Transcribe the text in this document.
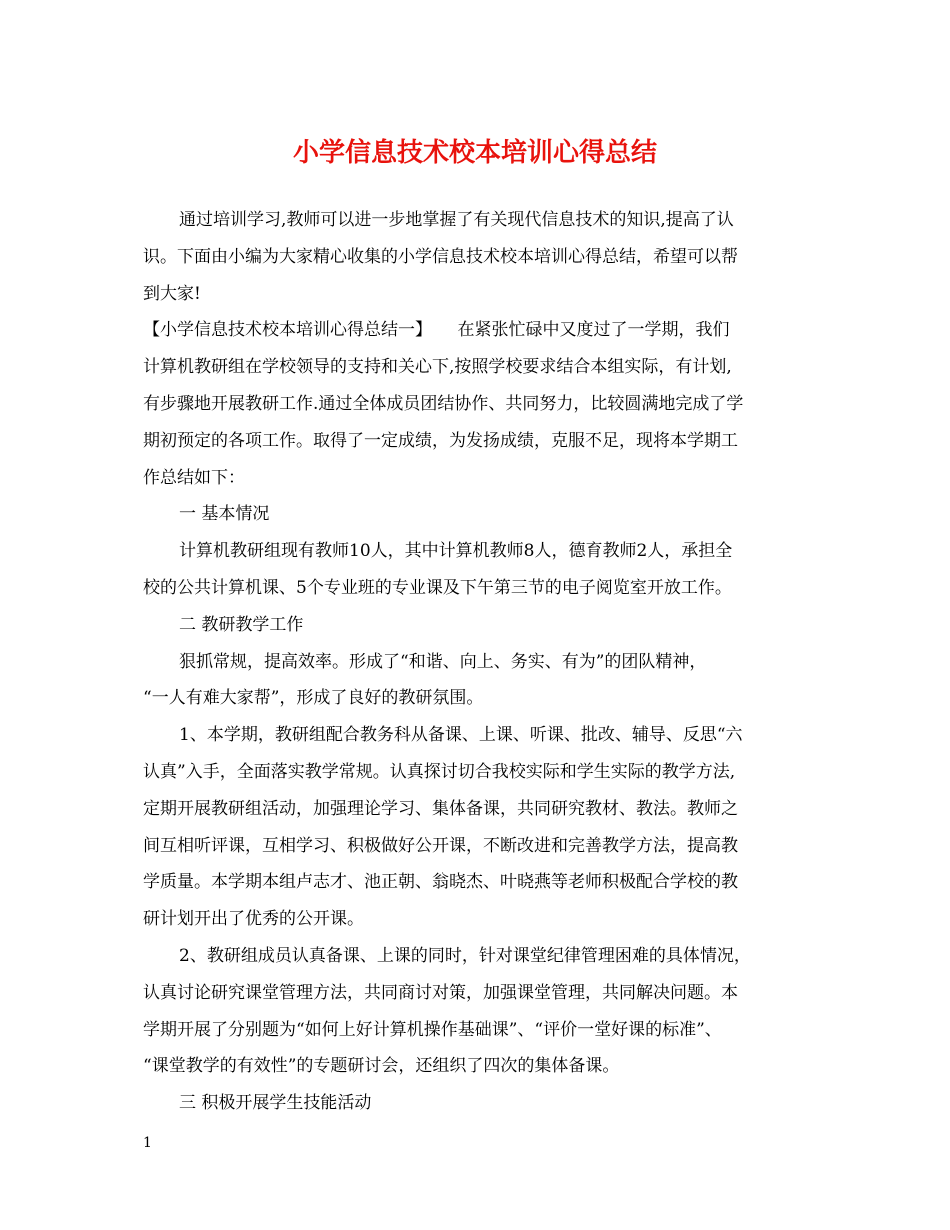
小学信息技术校本培训心得总结

通过培训学习,教师可以进一步地掌握了有关现代信息技术的知识,提高了认

识。下面由小编为大家精心收集的小学信息技术校本培训心得总结，希望可以帮

到大家!

【小学信息技术校本培训心得总结一】　　在紧张忙碌中又度过了一学期，我们

计算机教研组在学校领导的支持和关心下,按照学校要求结合本组实际，有计划,

有步骤地开展教研工作.通过全体成员团结协作、共同努力，比较圆满地完成了学

期初预定的各项工作。取得了一定成绩，为发扬成绩，克服不足，现将本学期工

作总结如下：

一 基本情况

计算机教研组现有教师10人，其中计算机教师8人，德育教师2人，承担全

校的公共计算机课、5个专业班的专业课及下午第三节的电子阅览室开放工作。

二 教研教学工作

狠抓常规，提高效率。形成了“和谐、向上、务实、有为”的团队精神，

“一人有难大家帮”，形成了良好的教研氛围。

1、本学期，教研组配合教务科从备课、上课、听课、批改、辅导、反思“六

认真”入手，全面落实教学常规。认真探讨切合我校实际和学生实际的教学方法,

定期开展教研组活动，加强理论学习、集体备课，共同研究教材、教法。教师之

间互相听评课，互相学习、积极做好公开课，不断改进和完善教学方法，提高教

学质量。本学期本组卢志才、池正朝、翁晓杰、叶晓燕等老师积极配合学校的教

研计划开出了优秀的公开课。

2、教研组成员认真备课、上课的同时，针对课堂纪律管理困难的具体情况，

认真讨论研究课堂管理方法，共同商讨对策，加强课堂管理，共同解决问题。本

学期开展了分别题为“如何上好计算机操作基础课”、“评价一堂好课的标准”、

“课堂教学的有效性”的专题研讨会，还组织了四次的集体备课。

三 积极开展学生技能活动

1
